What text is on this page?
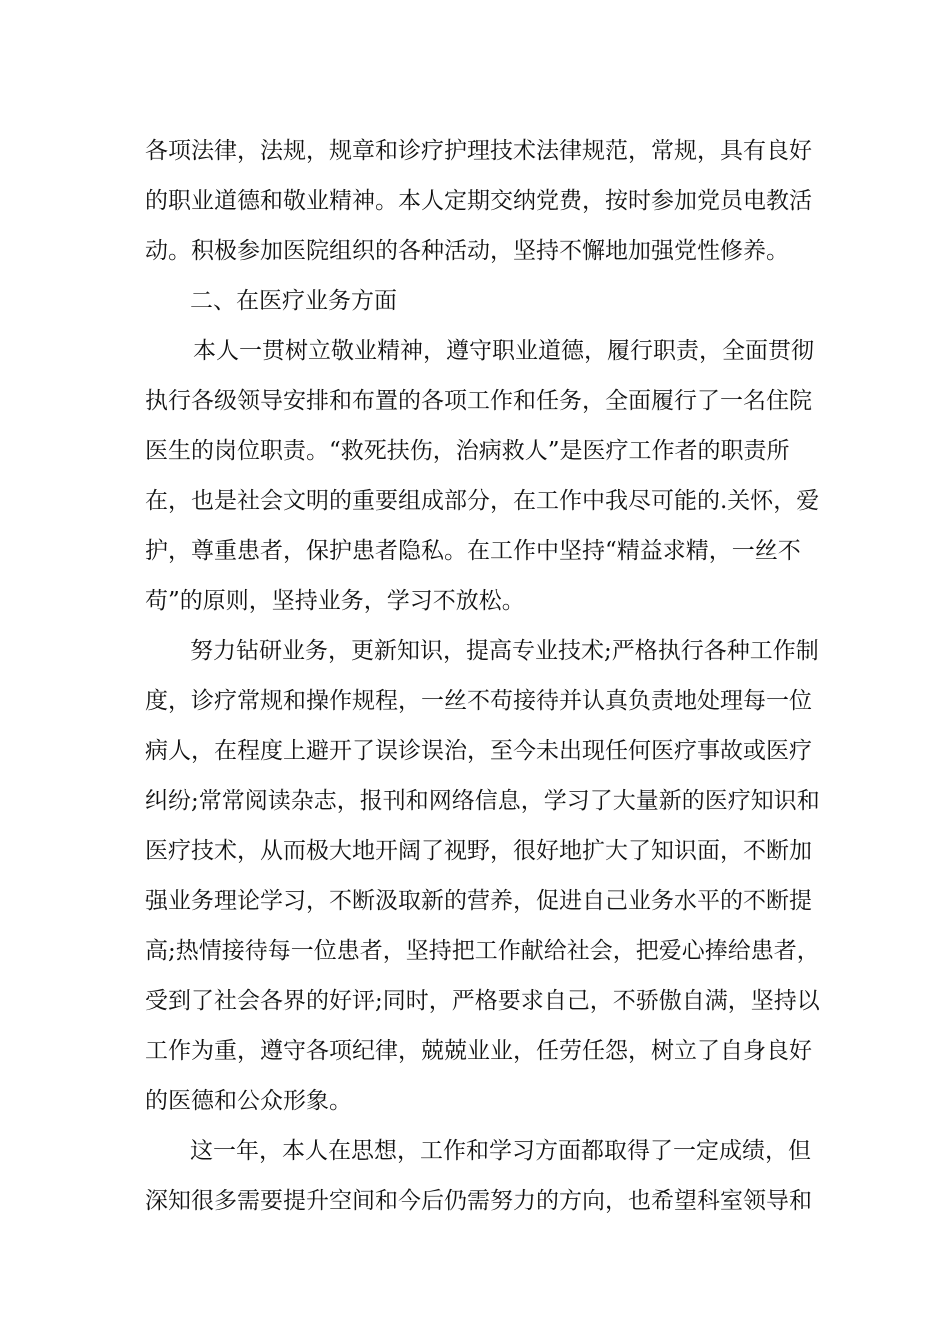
各项法律，法规，规章和诊疗护理技术法律规范，常规，具有良好
的职业道德和敬业精神。本人定期交纳党费，按时参加党员电教活
动。积极参加医院组织的各种活动，坚持不懈地加强党性修养。
二、在医疗业务方面
本人一贯树立敬业精神，遵守职业道德，履行职责，全面贯彻
执行各级领导安排和布置的各项工作和任务，全面履行了一名住院
医生的岗位职责。“救死扶伤，治病救人”是医疗工作者的职责所
在，也是社会文明的重要组成部分，在工作中我尽可能的.关怀，爱
护，尊重患者，保护患者隐私。在工作中坚持“精益求精，一丝不
苟”的原则，坚持业务，学习不放松。
努力钻研业务，更新知识，提高专业技术;严格执行各种工作制
度，诊疗常规和操作规程，一丝不苟接待并认真负责地处理每一位
病人，在程度上避开了误诊误治，至今未出现任何医疗事故或医疗
纠纷;常常阅读杂志，报刊和网络信息，学习了大量新的医疗知识和
医疗技术，从而极大地开阔了视野，很好地扩大了知识面，不断加
强业务理论学习，不断汲取新的营养，促进自己业务水平的不断提
高;热情接待每一位患者，坚持把工作献给社会，把爱心捧给患者，
受到了社会各界的好评;同时，严格要求自己，不骄傲自满，坚持以
工作为重，遵守各项纪律，兢兢业业，任劳任怨，树立了自身良好
的医德和公众形象。
这一年，本人在思想，工作和学习方面都取得了一定成绩，但
深知很多需要提升空间和今后仍需努力的方向，也希望科室领导和
